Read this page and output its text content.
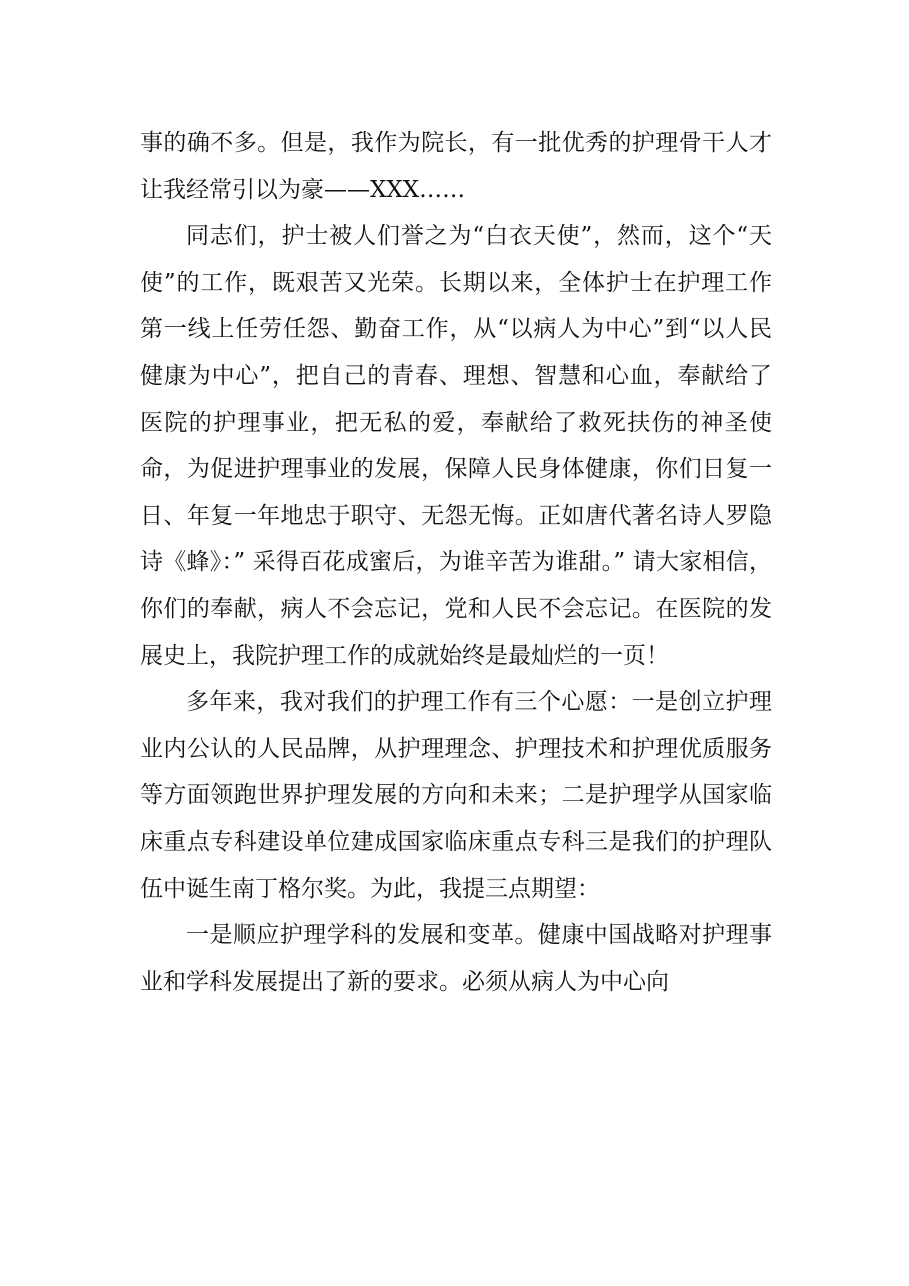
事的确不多。但是，我作为院长，有一批优秀的护理骨干人才让我经常引以为豪——XXX……

同志们，护士被人们誉之为“白衣天使”，然而，这个“天使”的工作，既艰苦又光荣。长期以来，全体护士在护理工作第一线上任劳任怨、勤奋工作，从“以病人为中心”到“以人民健康为中心”，把自己的青春、理想、智慧和心血，奉献给了医院的护理事业，把无私的爱，奉献给了救死扶伤的神圣使命，为促进护理事业的发展，保障人民身体健康，你们日复一日、年复一年地忠于职守、无怨无悔。正如唐代著名诗人罗隐诗《蜂》：” 采得百花成蜜后，为谁辛苦为谁甜。” 请大家相信，你们的奉献，病人不会忘记，党和人民不会忘记。在医院的发展史上，我院护理工作的成就始终是最灿烂的一页！

多年来，我对我们的护理工作有三个心愿：一是创立护理业内公认的人民品牌，从护理理念、护理技术和护理优质服务等方面领跑世界护理发展的方向和未来；二是护理学从国家临床重点专科建设单位建成国家临床重点专科三是我们的护理队伍中诞生南丁格尔奖。为此，我提三点期望：

一是顺应护理学科的发展和变革。健康中国战略对护理事业和学科发展提出了新的要求。必须从病人为中心向
